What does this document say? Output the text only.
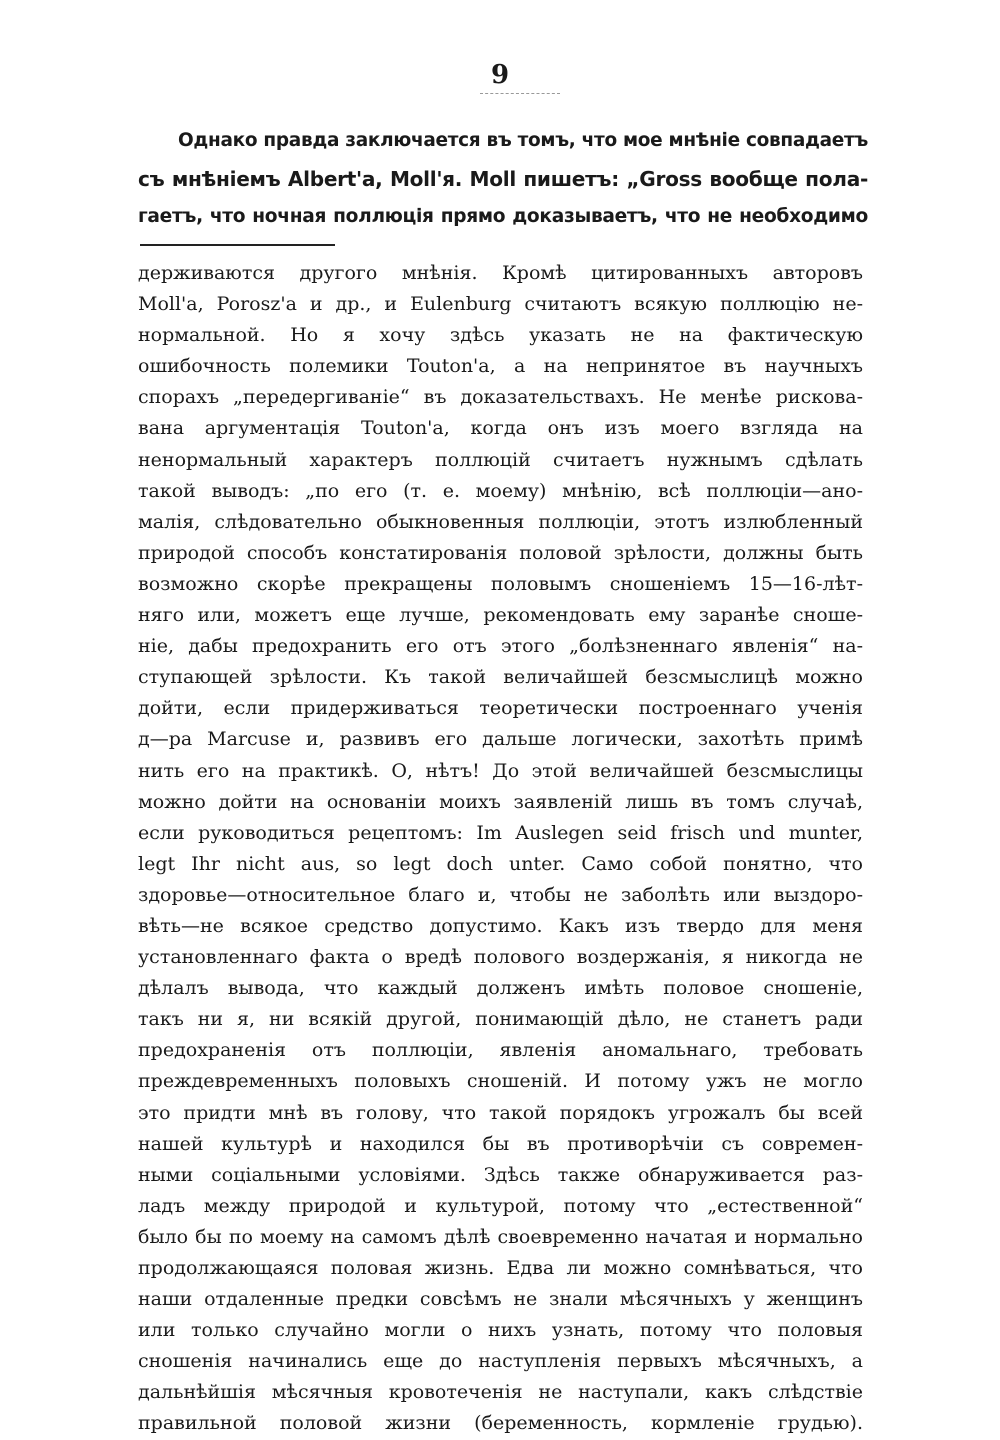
9
Однако правда заключается въ томъ, что мое мнѣніе совпадаетъ
съ мнѣніемъ Albert'a, Moll'я. Moll пишетъ: „Gross вообще пола-
гаетъ, что ночная поллюція прямо доказываетъ, что не необходимо
держиваются другого мнѣнія. Кромѣ цитированныхъ авторовъ
Moll'a, Porosz'a и др., и Eulenburg считаютъ всякую поллюцію не-
нормальной. Но я хочу здѣсь указать не на фактическую
ошибочность полемики Touton'a, а на непринятое въ научныхъ
спорахъ „передергиваніе“ въ доказательствахъ. Не менѣе рискова-
вана аргументація Touton'a, когда онъ изъ моего взгляда на
ненормальный характеръ поллюцій считаетъ нужнымъ сдѣлать
такой выводъ: „по его (т. е. моему) мнѣнію, всѣ поллюціи—ано-
малія, слѣдовательно обыкновенныя поллюціи, этотъ излюбленный
природой способъ констатированія половой зрѣлости, должны быть
возможно скорѣе прекращены половымъ сношеніемъ 15—16-лѣт-
няго или, можетъ еще лучше, рекомендовать ему заранѣе сноше-
ніе, дабы предохранить его отъ этого „болѣзненнаго явленія“ на-
ступающей зрѣлости. Къ такой величайшей безсмыслицѣ можно
дойти, если придерживаться теоретически построеннаго ученія
д—ра Marcuse и, развивъ его дальше логически, захотѣть примѣ
нить его на практикѣ. О, нѣтъ! До этой величайшей безсмыслицы
можно дойти на основаніи моихъ заявленій лишь въ томъ случаѣ,
если руководиться рецептомъ: Im Auslegen seid frisch und munter,
legt Ihr nicht aus, so legt doch unter. Само собой понятно, что
здоровье—относительное благо и, чтобы не заболѣть или выздоро-
вѣть—не всякое средство допустимо. Какъ изъ твердо для меня
установленнаго факта о вредѣ полового воздержанія, я никогда не
дѣлалъ вывода, что каждый долженъ имѣть половое сношеніе,
такъ ни я, ни всякій другой, понимающій дѣло, не станетъ ради
предохраненія отъ поллюціи, явленія аномальнаго, требовать
преждевременныхъ половыхъ сношеній. И потому ужъ не могло
это придти мнѣ въ голову, что такой порядокъ угрожалъ бы всей
нашей культурѣ и находился бы въ противорѣчіи съ современ-
ными соціальными условіями. Здѣсь также обнаруживается раз-
ладъ между природой и культурой, потому что „естественной“
было бы по моему на самомъ дѣлѣ своевременно начатая и нормально
продолжающаяся половая жизнь. Едва ли можно сомнѣваться, что
наши отдаленные предки совсѣмъ не знали мѣсячныхъ у женщинъ
или только случайно могли о нихъ узнать, потому что половыя
сношенія начинались еще до наступленія первыхъ мѣсячныхъ, а
дальнѣйшія мѣсячныя кровотеченія не наступали, какъ слѣдствіе
правильной половой жизни (беременность, кормленіе грудью).
